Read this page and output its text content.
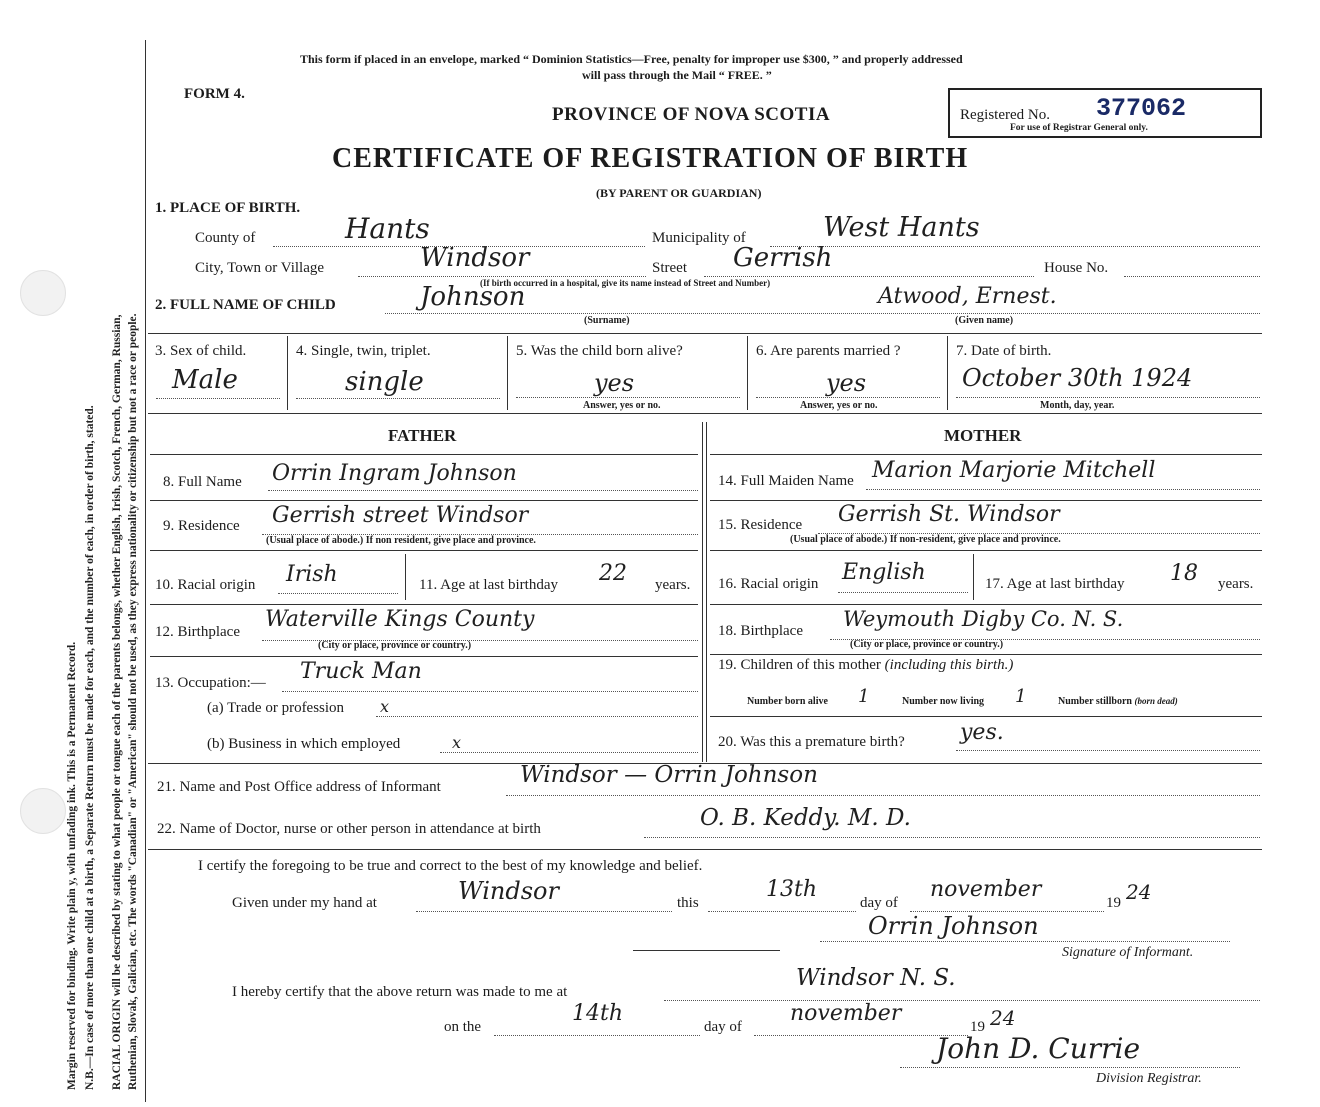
Margin reserved for binding. Write plain y, with unfading ink. This is a Permanent Record. N.B.—In case of more than one child at a birth, a Separate Return must be made for each, and the number of each, in order of birth, stated. RACIAL ORIGIN will be described by stating to what people or tongue each of the parents belongs, whether English, Irish, Scotch, French, German, Russian, Ruthenian, Slovak, Galician, etc. The words "Canadian" or "American" should not be used, as they express nationality or citizenship but not a race or people.
This form if placed in an envelope, marked “ Dominion Statistics—Free, penalty for improper use $300, ” and properly addressed
will pass through the Mail “ FREE. ”
FORM 4.
PROVINCE OF NOVA SCOTIA
CERTIFICATE OF REGISTRATION OF BIRTH
(BY PARENT OR GUARDIAN)
Registered No. 377062
For use of Registrar General only.
1. PLACE OF BIRTH.
County of	Hants	Municipality of	West Hants
City, Town or Village	Windsor	Street Gerrish
(If birth occurred in a hospital, give its name instead of Street and Number)
House No.
2. FULL NAME OF CHILD	Johnson
(Surname)
Atwood, Ernest.
(Given name)
3. Sex of child.
Male
4. Single, twin, triplet.
single
5. Was the child born alive?
yes
Answer, yes or no.
6. Are parents married ?
yes
Answer, yes or no.
7. Date of birth.
October 30th 1924
Month, day, year.
FATHER	MOTHER
8. Full Name Orrin Ingram Johnson
9. Residence Gerrish street Windsor
(Usual place of abode.) If non resident, give place and province.
10. Racial origin Irish	11. Age at last birthday 22 years.
12. Birthplace Waterville Kings County
(City or place, province or country.)
13. Occupation:— Truck Man
(a) Trade or profession x
(b) Business in which employed	x
14. Full Maiden Name Marion Marjorie Mitchell
15. Residence Gerrish St. Windsor
(Usual place of abode.) If non-resident, give place and province.
16. Racial origin English	17. Age at last birthday 18 years.
18. Birthplace Weymouth Digby Co. N. S.
(City or place, province or country.)
19. Children of this mother (including this birth.)
Number born alive 1	Number now living 1	Number stillborn (born dead)
20. Was this a premature birth?	yes.
21. Name and Post Office address of Informant	Windsor — Orrin Johnson
22. Name of Doctor, nurse or other person in attendance at birth	O. B. Keddy. M. D.
I certify the foregoing to be true and correct to the best of my knowledge and belief.
Given under my hand at	Windsor	this
13th
day of
november
19 24
Orrin Johnson
Signature of Informant.
I hereby certify that the above return was made to me at
Windsor N. S.
on the
14th
day of
november
19 24
John D. Currie
Division Registrar.
